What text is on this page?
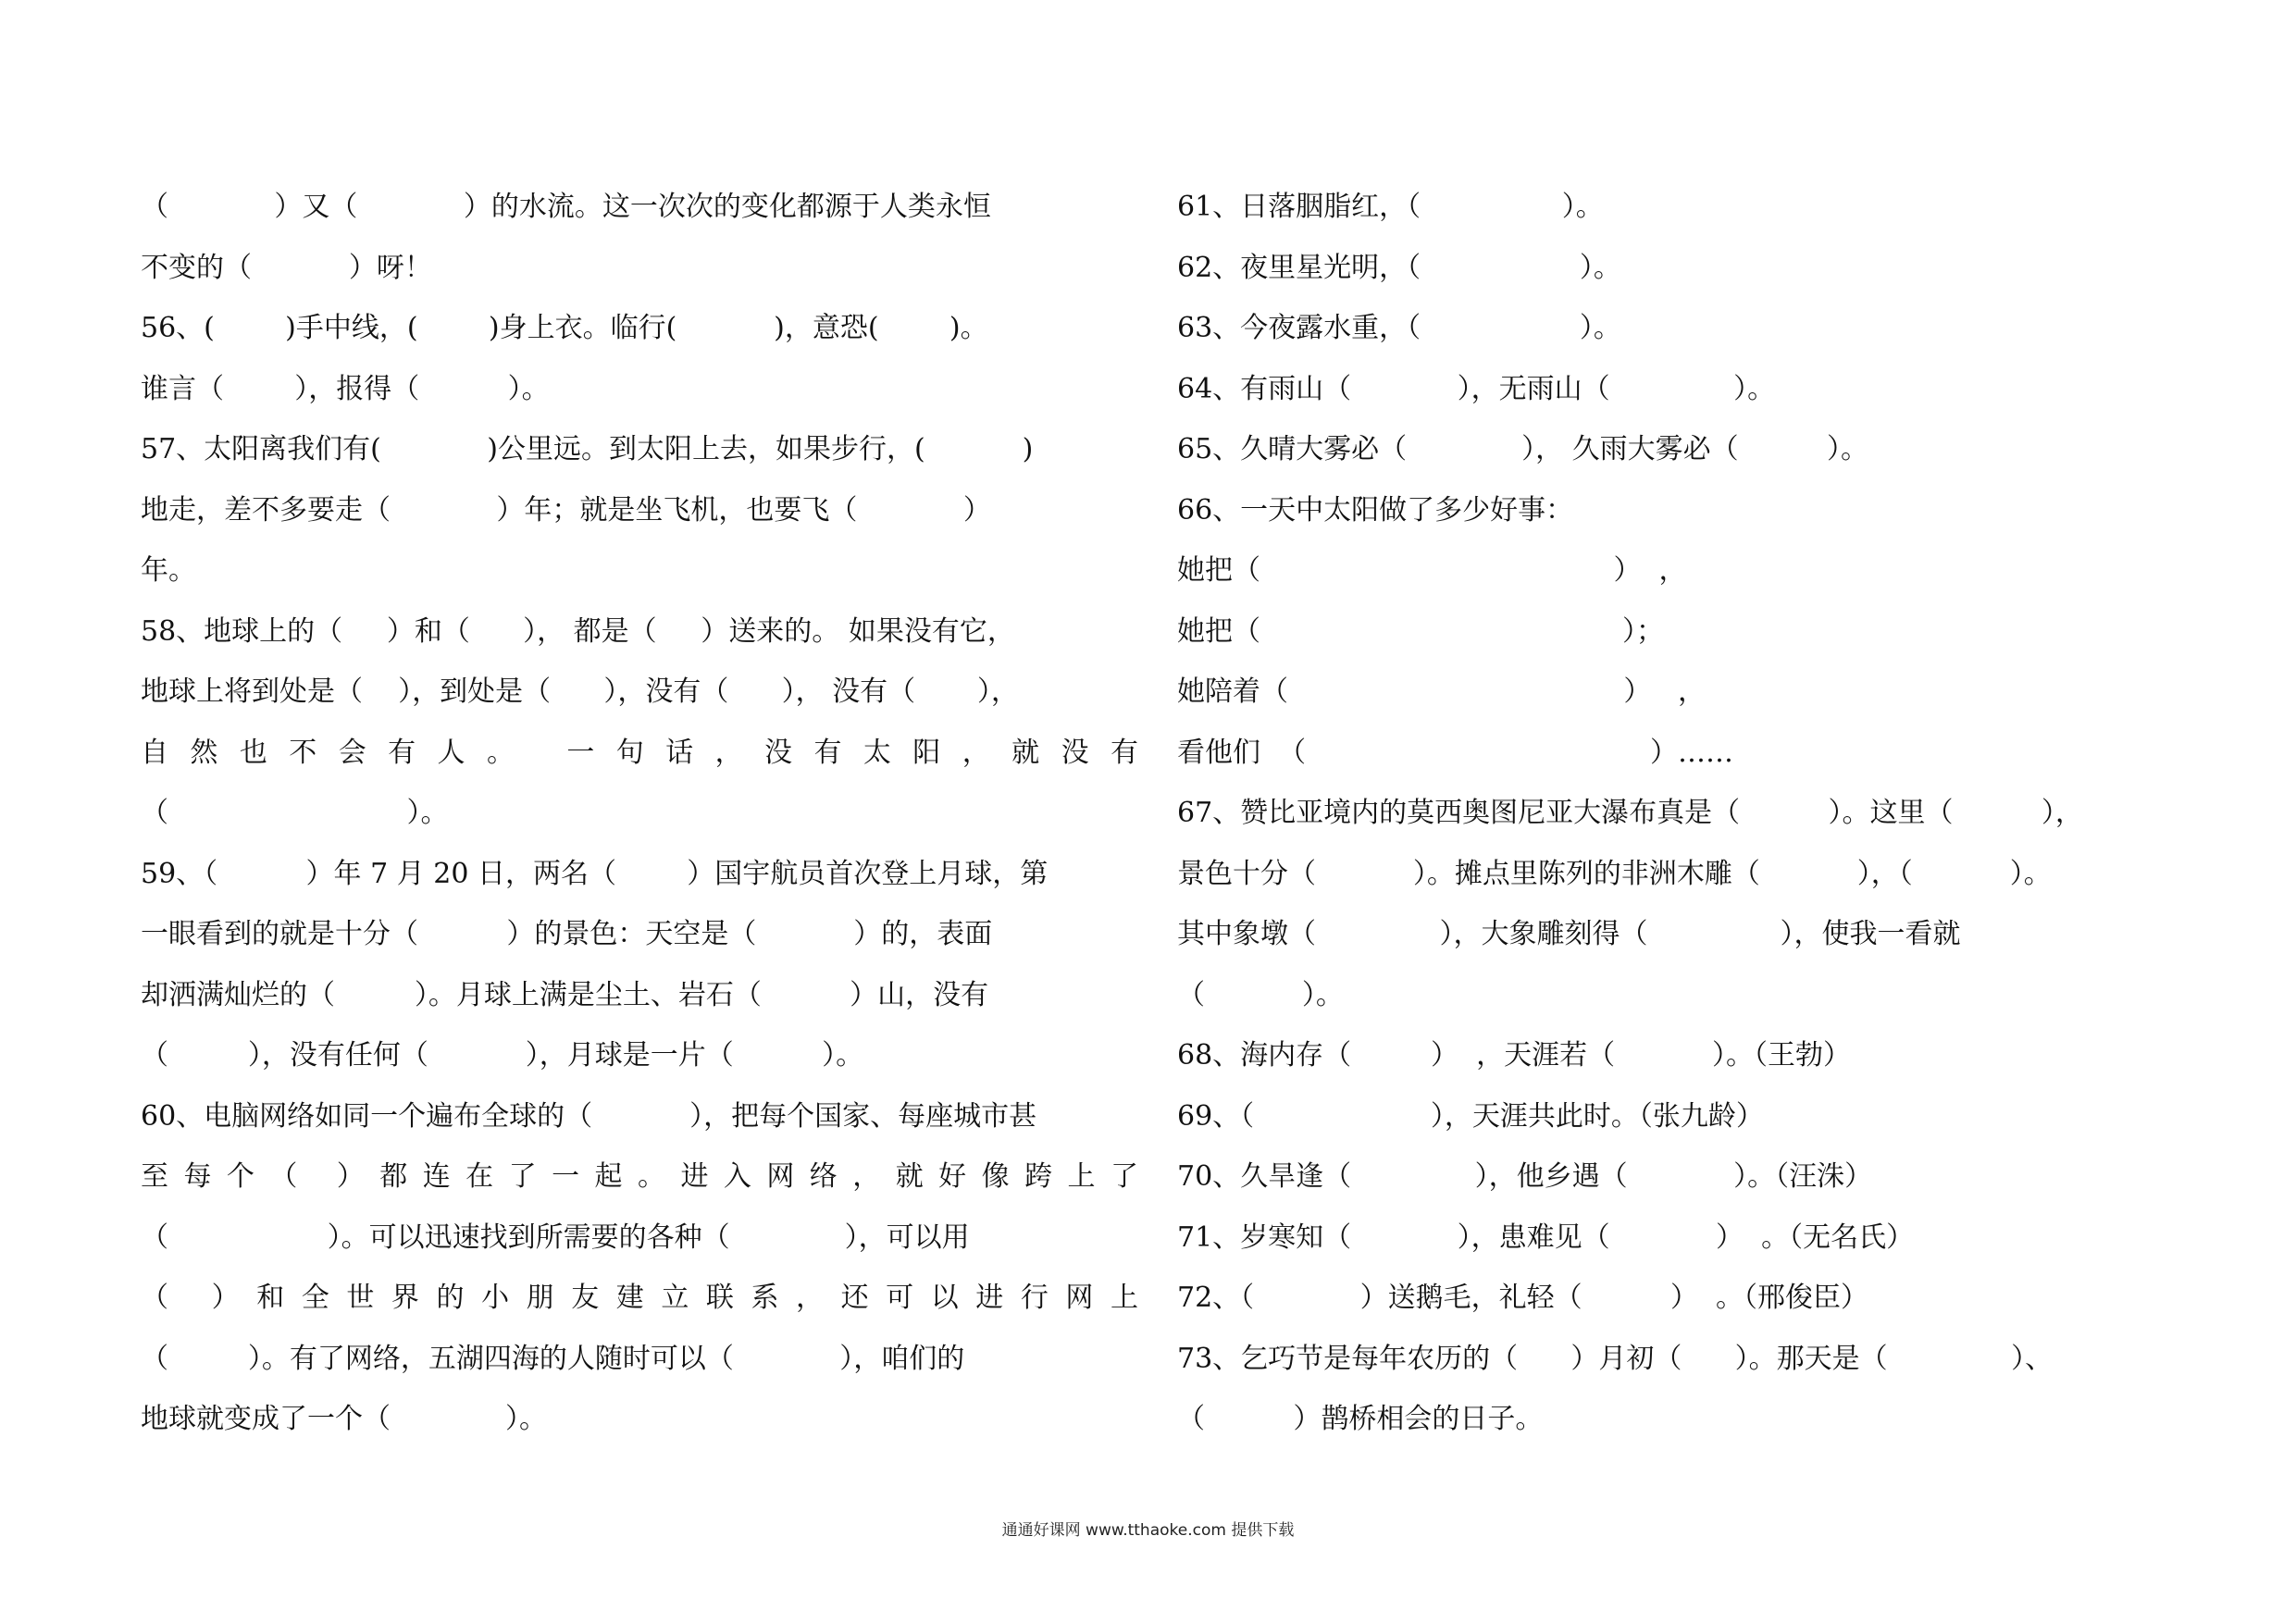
（            ）又（            ）的水流。这一次次的变化都源于人类永恒
不变的（           ）呀！
56、(        )手中线，(        )身上衣。临行(           )，意恐(        )。
谁言（        ），报得（          ）。
57、太阳离我们有(            )公里远。到太阳上去，如果步行，(           )
地走，差不多要走（            ）年；就是坐飞机，也要飞（            ）
年。
58、地球上的（     ）和（      ）， 都是（     ）送来的。 如果没有它，
地球上将到处是（    ），到处是（      ），没有（      ）， 没有（       ），
自然也不会有人。 一句话，没有太阳，就没有
（                           ）。
59、（          ）年 7 月 20 日，两名（        ）国宇航员首次登上月球，第
一眼看到的就是十分（          ）的景色：天空是（           ）的，表面
却洒满灿烂的（         ）。月球上满是尘土、岩石（          ）山，没有
（         ），没有任何（           ），月球是一片（          ）。
60、电脑网络如同一个遍布全球的（           ），把每个国家、每座城市甚
至每个（ ）都连在了一起。进入网络，就好像跨上了
（                  ）。可以迅速找到所需要的各种（             ），可以用
（ ）和全世界的小朋友建立联系，还可以进行网上
（         ）。有了网络，五湖四海的人随时可以（            ），咱们的
地球就变成了一个（             ）。
61、日落胭脂红，（                ）。
62、夜里星光明，（                  ）。
63、今夜露水重，（                  ）。
64、有雨山（            ），无雨山（              ）。
65、久晴大雾必（             ）， 久雨大雾必（          ）。
66、一天中太阳做了多少好事：
她把（                                        ）  ，
她把（                                         ）；
她陪着（                                      ）   ，
看他们  （                                       ）……
67、赞比亚境内的莫西奥图尼亚大瀑布真是（          ）。这里（          ），
景色十分（           ）。摊点里陈列的非洲木雕（           ），（           ）。
其中象墩（              ），大象雕刻得（               ），使我一看就
（           ）。
68、海内存（         ）  ，天涯若（           ）。（王勃）
69、（                    ），天涯共此时。（张九龄）
70、久旱逢（              ），他乡遇（            ）。（汪洙）
71、岁寒知（            ），患难见（            ）  。（无名氏）
72、（            ）送鹅毛，礼轻（          ）  。（邢俊臣）
73、乞巧节是每年农历的（      ）月初（      ）。那天是（              ）、
（          ）鹊桥相会的日子。
通通好课网 www.tthaoke.com 提供下载
